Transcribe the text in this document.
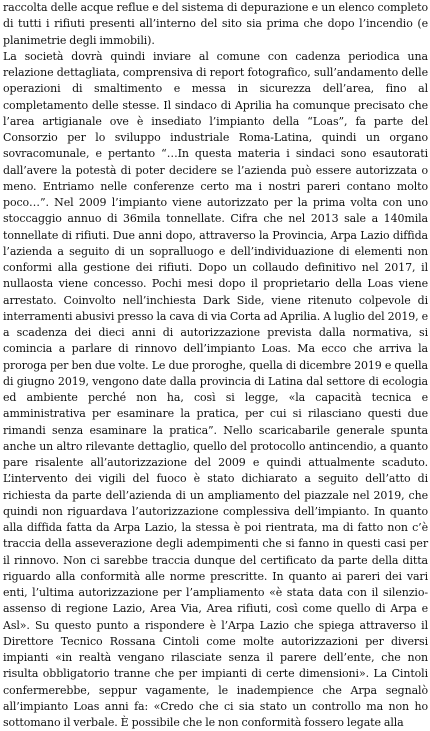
raccolta delle acque reflue e del sistema di depurazione e un elenco completo di tutti i rifiuti presenti all’interno del sito sia prima che dopo l’incendio (e planimetrie degli immobili).

La società dovrà quindi inviare al comune con cadenza periodica una relazione dettagliata, comprensiva di report fotografico, sull’andamento delle operazioni di smaltimento e messa in sicurezza dell’area, fino al completamento delle stesse. Il sindaco di Aprilia ha comunque precisato che l’area artigianale ove è insediato l’impianto della “Loas”, fa parte del Consorzio per lo sviluppo industriale Roma-Latina, quindi un organo sovracomunale, e pertanto “…In questa materia i sindaci sono esautorati dall’avere la potestà di poter decidere se l’azienda può essere autorizzata o meno. Entriamo nelle conferenze certo ma i nostri pareri contano molto poco…”. Nel 2009 l’impianto viene autorizzato per la prima volta con uno stoccaggio annuo di 36mila tonnellate. Cifra che nel 2013 sale a 140mila tonnellate di rifiuti. Due anni dopo, attraverso la Provincia, Arpa Lazio diffida l’azienda a seguito di un sopralluogo e dell’individuazione di elementi non conformi alla gestione dei rifiuti. Dopo un collaudo definitivo nel 2017, il nullaosta viene concesso. Pochi mesi dopo il proprietario della Loas viene arrestato. Coinvolto nell’inchiesta Dark Side, viene ritenuto colpevole di interramenti abusivi presso la cava di via Corta ad Aprilia. A luglio del 2019, e a scadenza dei dieci anni di autorizzazione prevista dalla normativa, si comincia a parlare di rinnovo dell’impianto Loas. Ma ecco che arriva la proroga per ben due volte. Le due proroghe, quella di dicembre 2019 e quella di giugno 2019, vengono date dalla provincia di Latina dal settore di ecologia ed ambiente perché non ha, così si legge, «la capacità tecnica e amministrativa per esaminare la pratica, per cui si rilasciano questi due rimandi senza esaminare la pratica”. Nello scaricabarile generale spunta anche un altro rilevante dettaglio, quello del protocollo antincendio, a quanto pare risalente all’autorizzazione del 2009 e quindi attualmente scaduto. L’intervento dei vigili del fuoco è stato dichiarato a seguito dell’atto di richiesta da parte dell’azienda di un ampliamento del piazzale nel 2019, che quindi non riguardava l’autorizzazione complessiva dell’impianto. In quanto alla diffida fatta da Arpa Lazio, la stessa è poi rientrata, ma di fatto non c’è traccia della asseverazione degli adempimenti che si fanno in questi casi per il rinnovo. Non ci sarebbe traccia dunque del certificato da parte della ditta riguardo alla conformità alle norme prescritte. In quanto ai pareri dei vari enti, l’ultima autorizzazione per l’ampliamento «è stata data con il silenzio-assenso di regione Lazio, Area Via, Area rifiuti, così come quello di Arpa e Asl». Su questo punto a rispondere è l’Arpa Lazio che spiega attraverso il Direttore Tecnico Rossana Cintoli come molte autorizzazioni per diversi impianti «in realtà vengano rilasciate senza il parere dell’ente, che non risulta obbligatorio tranne che per impianti di certe dimensioni». La Cintoli confermerebbe, seppur vagamente, le inadempience che Arpa segnalò all’impianto Loas anni fa: «Credo che ci sia stato un controllo ma non ho sottomano il verbale. È possibile che le non conformità fossero legate alla
